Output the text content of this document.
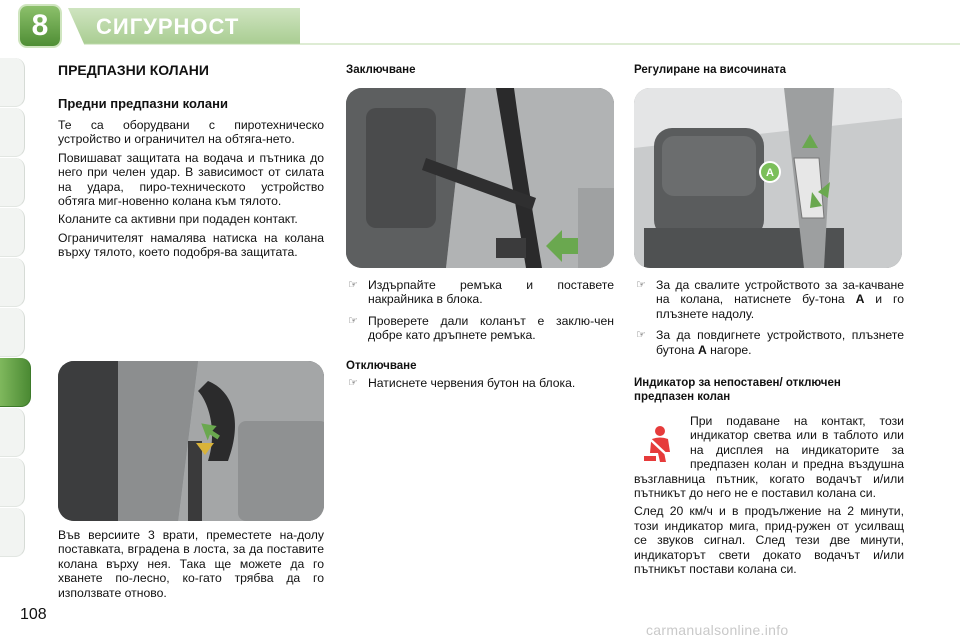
8	СИГУРНОСТ
ПРЕДПАЗНИ КОЛАНИ
Предни предпазни колани

Те са оборудвани с пиротехническо устройство и ограничител на обтяга-нето.

Повишават защитата на водача и пътника до него при челен удар. В зависимост от силата на удара, пиро-техническото устройство обтяга миг-новенно колана към тялото.

Коланите са активни при подаден контакт.

Ограничителят намалява натиска на колана върху тялото, което подобря-ва защитата.

Във версиите 3 врати, преместете на-долу поставката, вградена в лоста, за да поставите колана върху нея. Така ще можете да го хванете по-лесно, ко-гато трябва да го използвате отново.
Заключване
☞ Издърпайте ремъка и поставете накрайника в блока.
☞ Проверете дали коланът е заклю-чен добре като дръпнете ремъка.
Отключване
☞ Натиснете червения бутон на блока.
Регулиране на височината
A
☞ За да свалите устройството за за-качване на колана, натиснете бу-тона A и го плъзнете надолу.
☞ За да повдигнете устройството, плъзнете бутона A нагоре.
Индикатор за непоставен/ отключен предпазен колан

При подаване на контакт, този индикатор светва или в таблото или на дисплея на индикаторите за предпазен колан и предна въздушна възглавница пътник, когато водачът и/или пътникът до него не е поставил колана си.

След 20 км/ч и в продължение на 2 минути, този индикатор мига, прид-ружен от усилващ се звуков сигнал. След тези две минути, индикаторът свети докато водачът и/или пътникът постави колана си.

108
carmanualsonline.info
